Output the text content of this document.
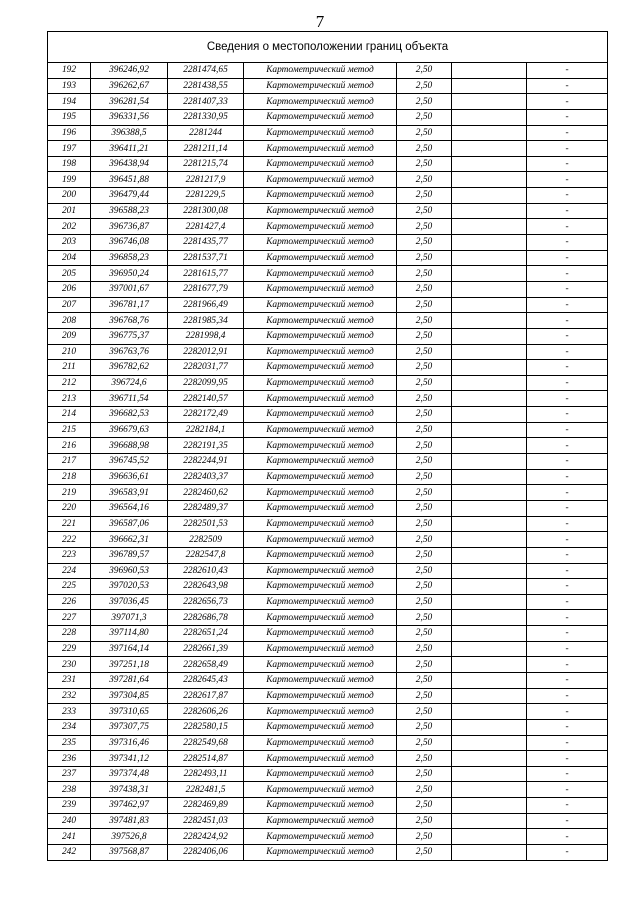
7
Сведения о местоположении границ объекта						
192	396246,92	2281474,65	Картометрический метод	2,50		-
193	396262,67	2281438,55	Картометрический метод	2,50		-
194	396281,54	2281407,33	Картометрический метод	2,50		-
195	396331,56	2281330,95	Картометрический метод	2,50		-
196	396388,5	2281244	Картометрический метод	2,50		-
197	396411,21	2281211,14	Картометрический метод	2,50		-
198	396438,94	2281215,74	Картометрический метод	2,50		-
199	396451,88	2281217,9	Картометрический метод	2,50		-
200	396479,44	2281229,5	Картометрический метод	2,50		-
201	396588,23	2281300,08	Картометрический метод	2,50		-
202	396736,87	2281427,4	Картометрический метод	2,50		-
203	396746,08	2281435,77	Картометрический метод	2,50		-
204	396858,23	2281537,71	Картометрический метод	2,50		-
205	396950,24	2281615,77	Картометрический метод	2,50		-
206	397001,67	2281677,79	Картометрический метод	2,50		-
207	396781,17	2281966,49	Картометрический метод	2,50		-
208	396768,76	2281985,34	Картометрический метод	2,50		-
209	396775,37	2281998,4	Картометрический метод	2,50		-
210	396763,76	2282012,91	Картометрический метод	2,50		-
211	396782,62	2282031,77	Картометрический метод	2,50		-
212	396724,6	2282099,95	Картометрический метод	2,50		-
213	396711,54	2282140,57	Картометрический метод	2,50		-
214	396682,53	2282172,49	Картометрический метод	2,50		-
215	396679,63	2282184,1	Картометрический метод	2,50		-
216	396688,98	2282191,35	Картометрический метод	2,50		-
217	396745,52	2282244,91	Картометрический метод	2,50		-
218	396636,61	2282403,37	Картометрический метод	2,50		-
219	396583,91	2282460,62	Картометрический метод	2,50		-
220	396564,16	2282489,37	Картометрический метод	2,50		-
221	396587,06	2282501,53	Картометрический метод	2,50		-
222	396662,31	2282509	Картометрический метод	2,50		-
223	396789,57	2282547,8	Картометрический метод	2,50		-
224	396960,53	2282610,43	Картометрический метод	2,50		-
225	397020,53	2282643,98	Картометрический метод	2,50		-
226	397036,45	2282656,73	Картометрический метод	2,50		-
227	397071,3	2282686,78	Картометрический метод	2,50		-
228	397114,80	2282651,24	Картометрический метод	2,50		-
229	397164,14	2282661,39	Картометрический метод	2,50		-
230	397251,18	2282658,49	Картометрический метод	2,50		-
231	397281,64	2282645,43	Картометрический метод	2,50		-
232	397304,85	2282617,87	Картометрический метод	2,50		-
233	397310,65	2282606,26	Картометрический метод	2,50		-
234	397307,75	2282580,15	Картометрический метод	2,50		-
235	397316,46	2282549,68	Картометрический метод	2,50		-
236	397341,12	2282514,87	Картометрический метод	2,50		-
237	397374,48	2282493,11	Картометрический метод	2,50		-
238	397438,31	2282481,5	Картометрический метод	2,50		-
239	397462,97	2282469,89	Картометрический метод	2,50		-
240	397481,83	2282451,03	Картометрический метод	2,50		-
241	397526,8	2282424,92	Картометрический метод	2,50		-
242	397568,87	2282406,06	Картометрический метод	2,50		-
